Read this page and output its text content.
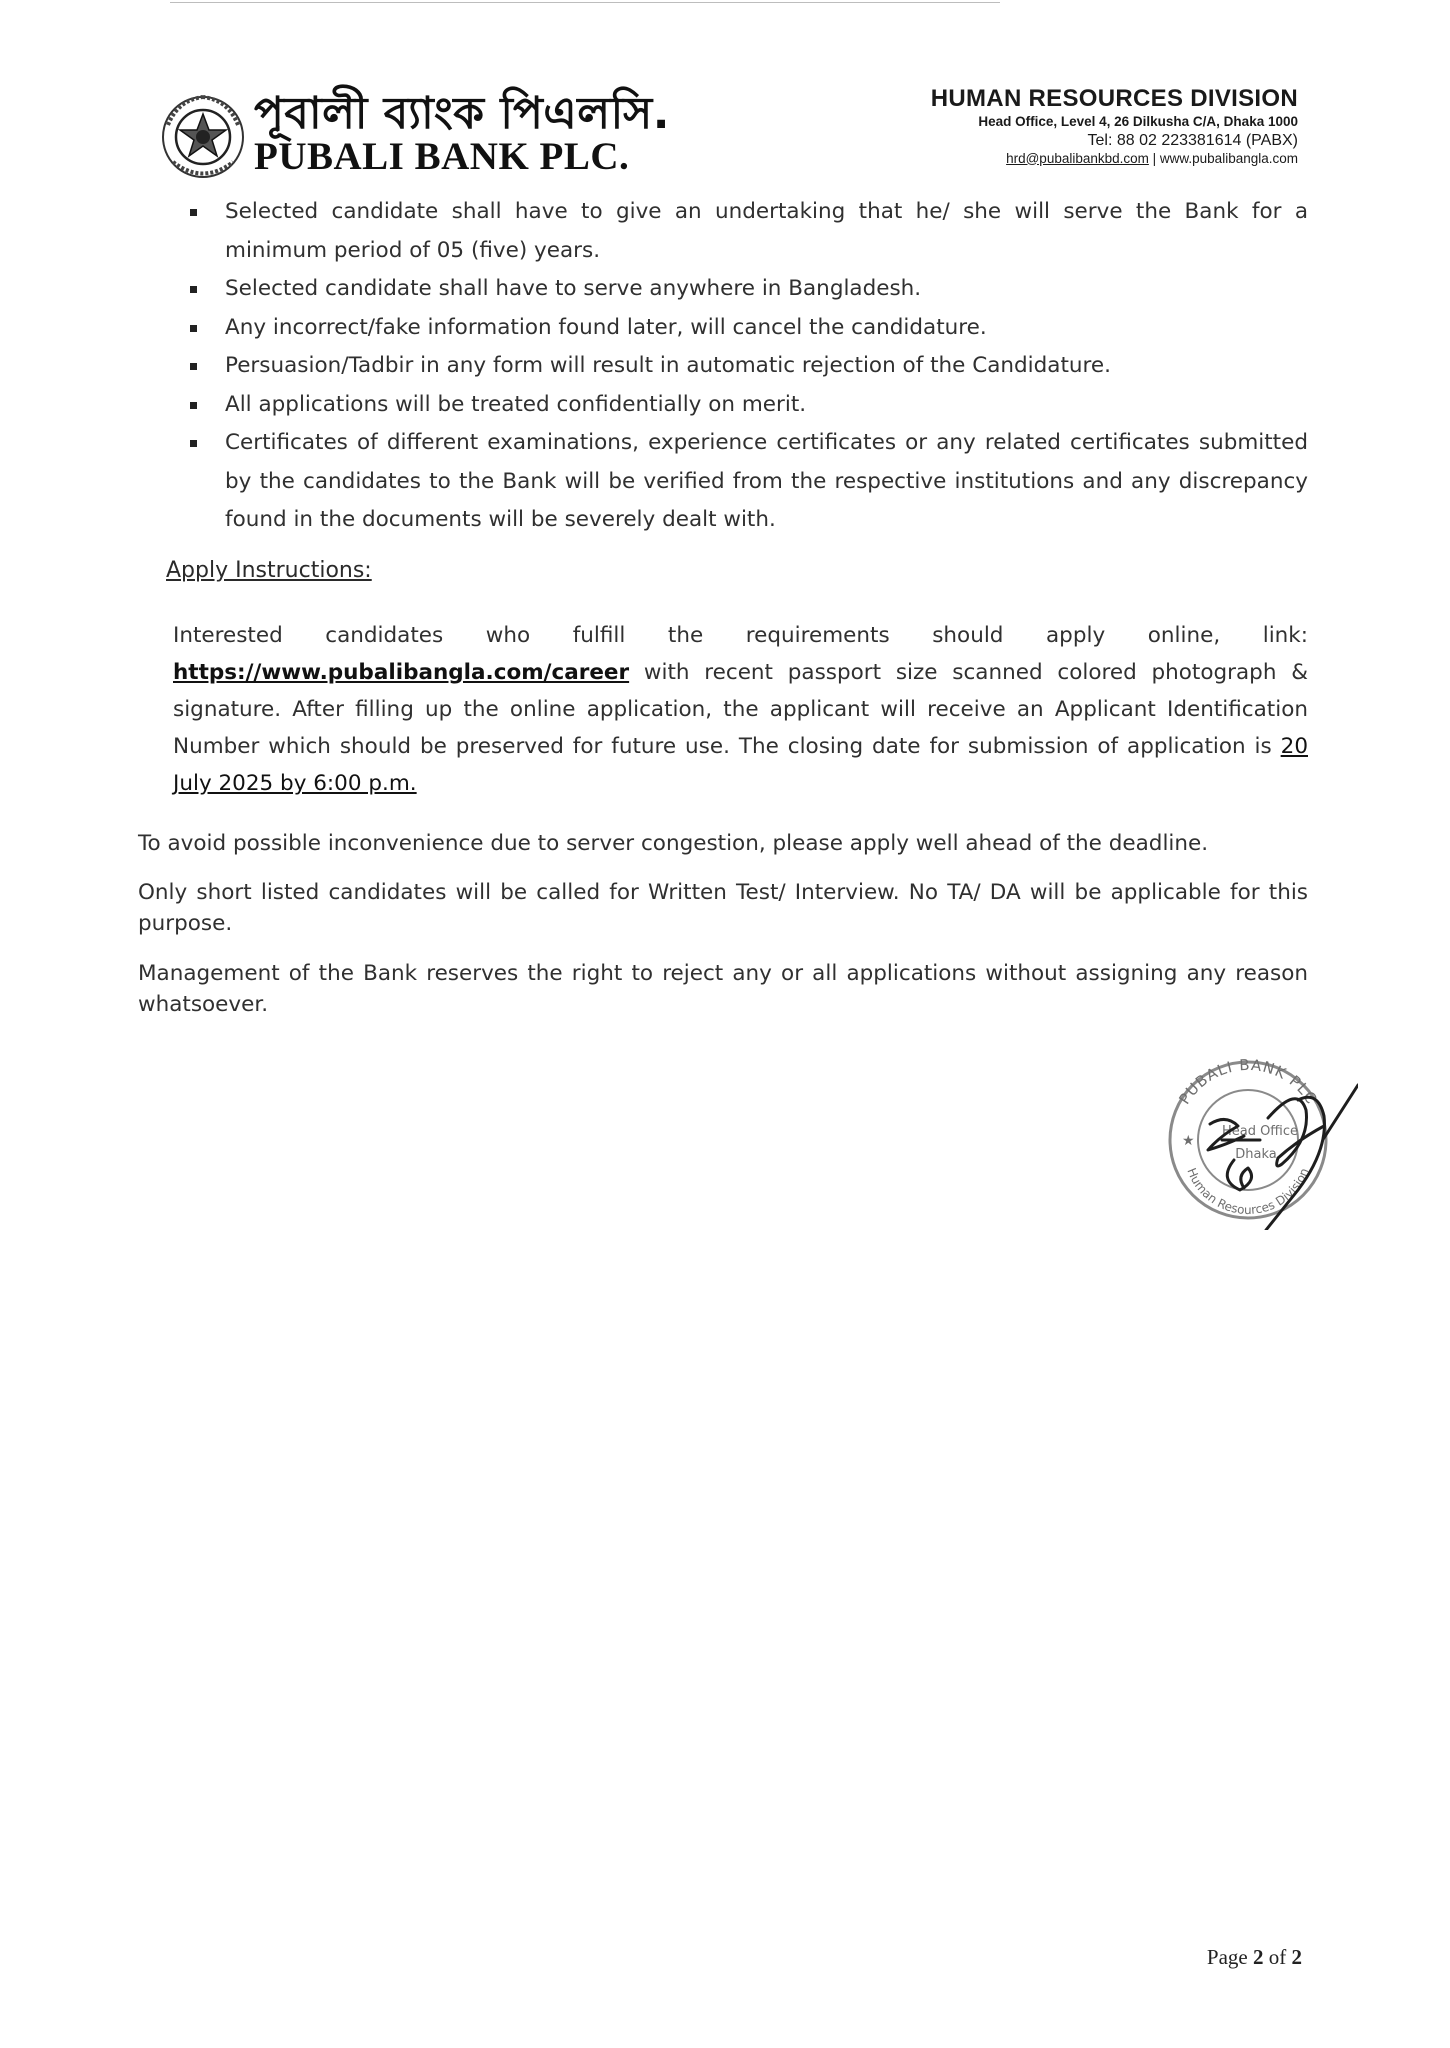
পূবালী ব্যাংক পিএলসি.
PUBALI BANK PLC.
HUMAN RESOURCES DIVISION
Head Office, Level 4, 26 Dilkusha C/A, Dhaka 1000
Tel: 88 02 223381614 (PABX)
hrd@pubalibankbd.com | www.pubalibangla.com
Selected candidate shall have to give an undertaking that he/ she will serve the Bank for a minimum period of 05 (five) years.
Selected candidate shall have to serve anywhere in Bangladesh.
Any incorrect/fake information found later, will cancel the candidature.
Persuasion/Tadbir in any form will result in automatic rejection of the Candidature.
All applications will be treated confidentially on merit.
Certificates of different examinations, experience certificates or any related certificates submitted by the candidates to the Bank will be verified from the respective institutions and any discrepancy found in the documents will be severely dealt with.
Apply Instructions:
Interested candidates who fulfill the requirements should apply online, link: https://www.pubalibangla.com/career with recent passport size scanned colored photograph & signature. After filling up the online application, the applicant will receive an Applicant Identification Number which should be preserved for future use. The closing date for submission of application is 20 July 2025 by 6:00 p.m.
To avoid possible inconvenience due to server congestion, please apply well ahead of the deadline.
Only short listed candidates will be called for Written Test/ Interview. No TA/ DA will be applicable for this purpose.
Management of the Bank reserves the right to reject any or all applications without assigning any reason whatsoever.
PUBALI BANK PLC
Human Resources Division
Head Office
Dhaka
★
Page 2 of 2
